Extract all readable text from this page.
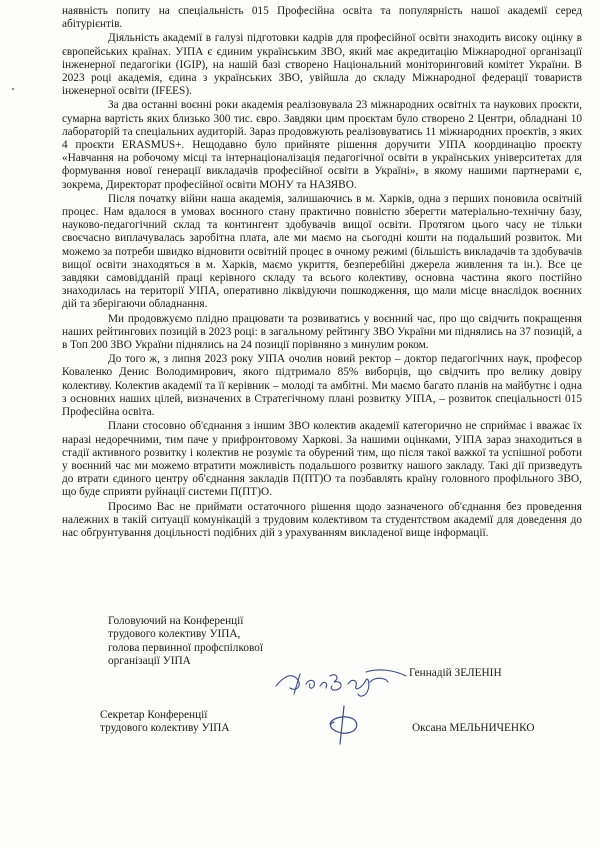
наявність попиту на спеціальність 015 Професійна освіта та популярність нашої академії серед абітурієнтів.

Діяльність академії в галузі підготовки кадрів для професійної освіти знаходить високу оцінку в європейських країнах. УІПА є єдиним українським ЗВО, який має акредитацію Міжнародної організації інженерної педагогіки (IGIP), на нашій базі створено Національний моніторинговий комітет України. В 2023 році академія, єдина з українських ЗВО, увійшла до складу Міжнародної федерації товариств інженерної освіти (IFEES).

За два останні воєнні роки академія реалізовувала 23 міжнародних освітніх та наукових проєкти, сумарна вартість яких близько 300 тис. євро. Завдяки цим проєктам було створено 2 Центри, обладнані 10 лабораторій та спеціальних аудиторій. Зараз продовжують реалізовуватись 11 міжнародних проєктів, з яких 4 проєкти ERASMUS+. Нещодавно було прийняте рішення доручити УІПА координацію проєкту «Навчання на робочому місці та інтернаціоналізація педагогічної освіти в українських університетах для формування нової генерації викладачів професійної освіти в Україні», в якому нашими партнерами є, зокрема, Директорат професійної освіти МОНУ та НАЗЯВО.

Після початку війни наша академія, залишаючись в м. Харків, одна з перших поновила освітній процес. Нам вдалося в умовах воєнного стану практично повністю зберегти матеріально-технічну базу, науково-педагогічний склад та контингент здобувачів вищої освіти. Протягом цього часу не тільки своєчасно виплачувалась заробітна плата, але ми маємо на сьогодні кошти на подальший розвиток. Ми можемо за потреби швидко відновити освітній процес в очному режимі (більшість викладачів та здобувачів вищої освіти знаходяться в м. Харків, маємо укриття, безперебійні джерела живлення та ін.). Все це завдяки самовідданій праці керівного складу та всього колективу, основна частина якого постійно знаходилась на території УІПА, оперативно ліквідуючи пошкодження, що мали місце внаслідок воєнних дій та зберігаючи обладнання.

Ми продовжуємо плідно працювати та розвиватись у воєнний час, про що свідчить покращення наших рейтингових позицій в 2023 році: в загальному рейтингу ЗВО України ми піднялись на 37 позицій, а в Топ 200 ЗВО України піднялись на 24 позиції порівняно з минулим роком.

До того ж, з липня 2023 року УІПА очолив новий ректор – доктор педагогічних наук, професор Коваленко Денис Володимирович, якого підтримало 85% виборців, що свідчить про велику довіру колективу. Колектив академії та її керівник – молоді та амбітні. Ми маємо багато планів на майбутнє і одна з основних наших цілей, визначених в Стратегічному плані розвитку УІПА, – розвиток спеціальності 015 Професійна освіта.

Плани стосовно об'єднання з іншим ЗВО колектив академії категорично не сприймає і вважає їх наразі недоречними, тим паче у прифронтовому Харкові. За нашими оцінками, УІПА зараз знаходиться в стадії активного розвитку і колектив не розуміє та обурений тим, що після такої важкої та успішної роботи у воєнний час ми можемо втратити можливість подальшого розвитку нашого закладу. Такі дії призведуть до втрати єдиного центру об'єднання закладів П(ПТ)О та позбавлять країну головного профільного ЗВО, що буде сприяти руйнації системи П(ПТ)О.

Просимо Вас не приймати остаточного рішення щодо зазначеного об'єднання без проведення належних в такій ситуації комунікацій з трудовим колективом та студентством академії для доведення до нас обґрунтування доцільності подібних дій з урахуванням викладеної вище інформації.

Головуючий на Конференції
трудового колективу УІПА,
голова первинної профспілкової
організації УІПА
Геннадій ЗЕЛЕНІН
Секретар Конференції
трудового колективу УІПА	Оксана МЕЛЬНИЧЕНКО
